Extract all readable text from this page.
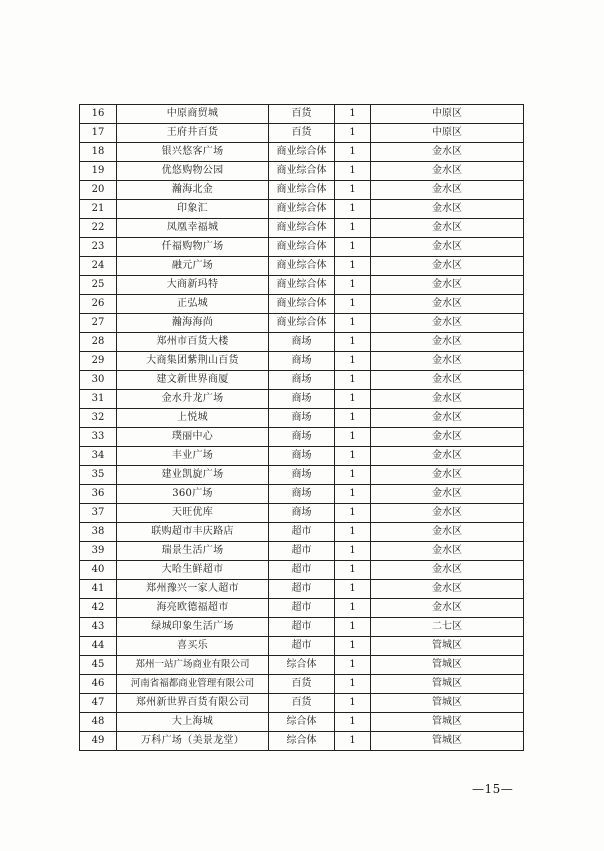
16	中原商贸城	百货	1	中原区
17	王府井百货	百货	1	中原区
18	银兴悠客广场	商业综合体	1	金水区
19	优悠购物公园	商业综合体	1	金水区
20	瀚海北金	商业综合体	1	金水区
21	印象汇	商业综合体	1	金水区
22	凤凰幸福城	商业综合体	1	金水区
23	仟福购物广场	商业综合体	1	金水区
24	融元广场	商业综合体	1	金水区
25	大商新玛特	商业综合体	1	金水区
26	正弘城	商业综合体	1	金水区
27	瀚海海尚	商业综合体	1	金水区
28	郑州市百货大楼	商场	1	金水区
29	大商集团紫荆山百货	商场	1	金水区
30	建文新世界商厦	商场	1	金水区
31	金水升龙广场	商场	1	金水区
32	上悦城	商场	1	金水区
33	璞丽中心	商场	1	金水区
34	丰业广场	商场	1	金水区
35	建业凯旋广场	商场	1	金水区
36	360广场	商场	1	金水区
37	天旺优库	商场	1	金水区
38	联购超市丰庆路店	超市	1	金水区
39	瑞景生活广场	超市	1	金水区
40	大哈生鲜超市	超市	1	金水区
41	郑州豫兴一家人超市	超市	1	金水区
42	海亮欧德福超市	超市	1	金水区
43	绿城印象生活广场	超市	1	二七区
44	喜买乐	超市	1	管城区
45	郑州一站广场商业有限公司	综合体	1	管城区
46	河南省福都商业管理有限公司	百货	1	管城区
47	郑州新世界百货有限公司	百货	1	管城区
48	大上海城	综合体	1	管城区
49	万科广场（美景龙堂）	综合体	1	管城区
—15—
